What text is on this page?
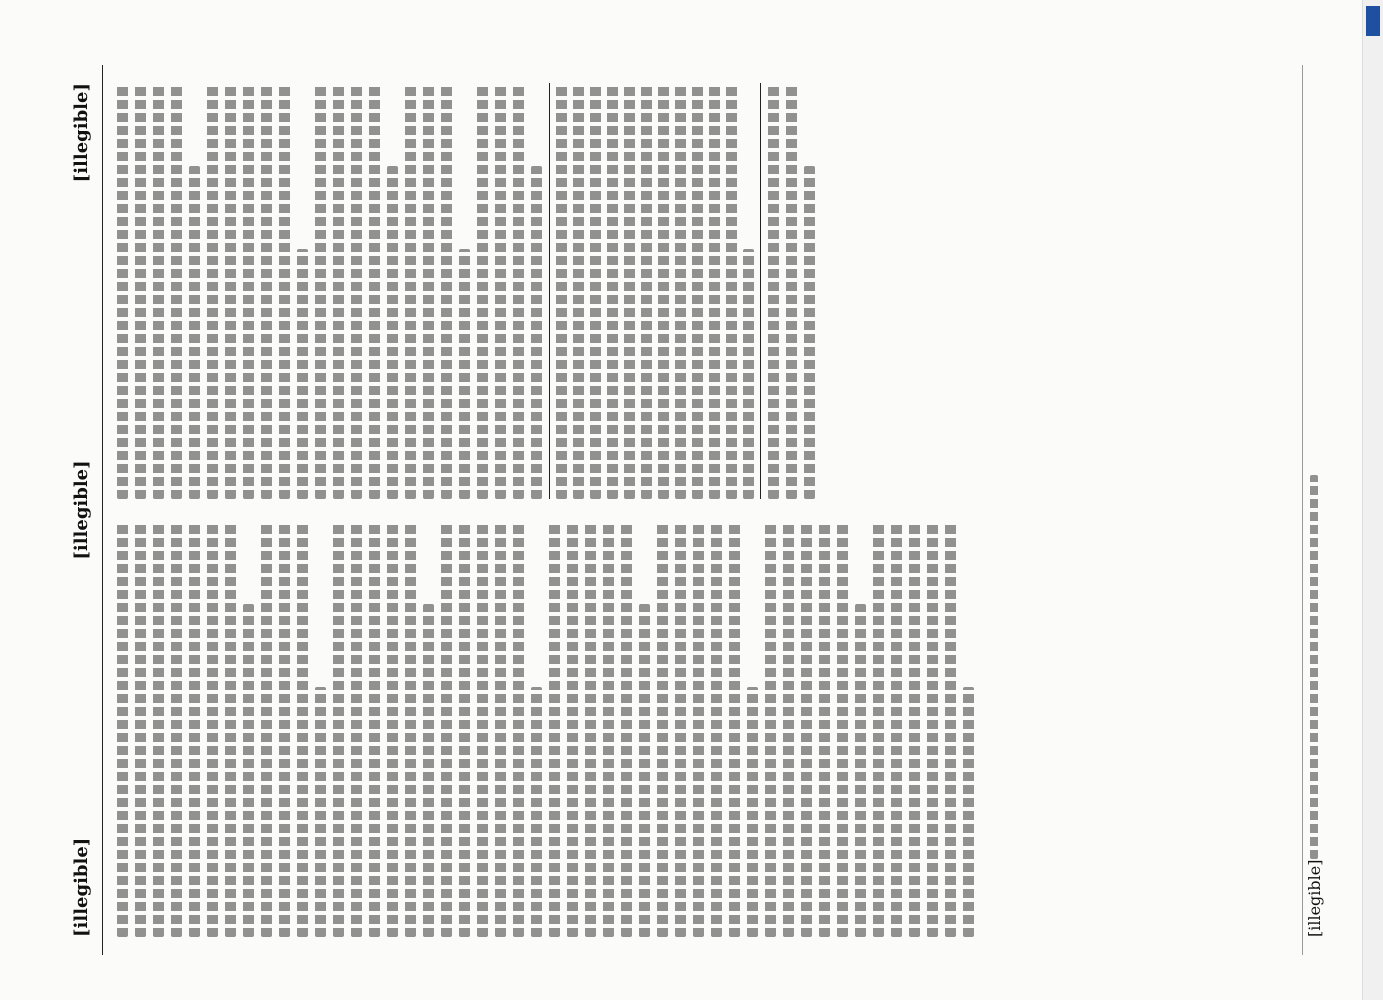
[illegible]
[illegible]
[illegible]
[illegible]
